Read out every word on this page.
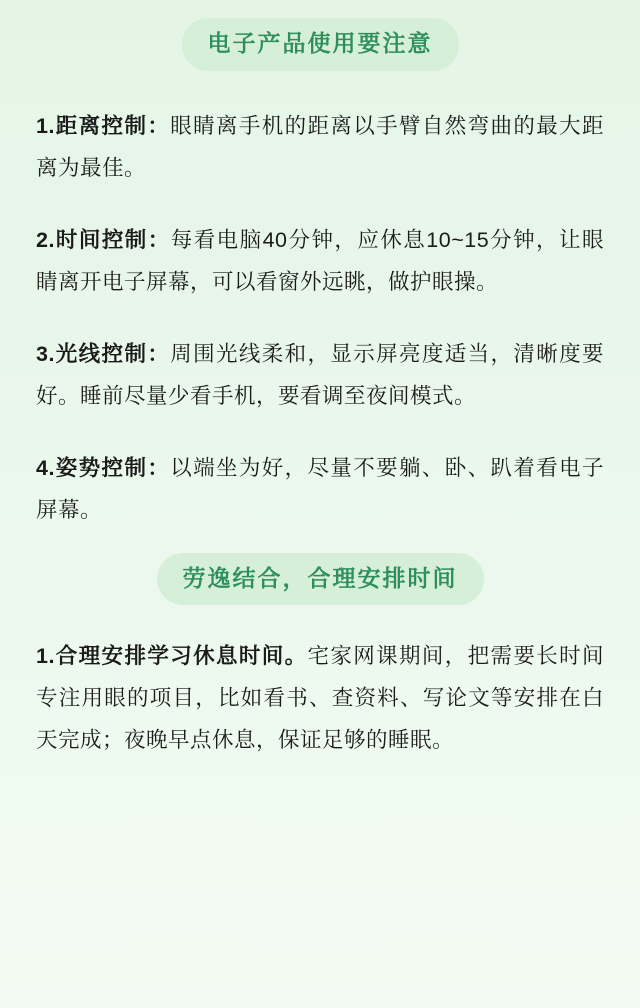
电子产品使用要注意

1.距离控制：眼睛离手机的距离以手臂自然弯曲的最大距离为最佳。

2.时间控制：每看电脑40分钟，应休息10~15分钟，让眼睛离开电子屏幕，可以看窗外远眺，做护眼操。

3.光线控制：周围光线柔和，显示屏亮度适当，清晰度要好。睡前尽量少看手机，要看调至夜间模式。

4.姿势控制：以端坐为好，尽量不要躺、卧、趴着看电子屏幕。

劳逸结合，合理安排时间

1.合理安排学习休息时间。宅家网课期间，把需要长时间专注用眼的项目，比如看书、查资料、写论文等安排在白天完成；夜晚早点休息，保证足够的睡眠。
